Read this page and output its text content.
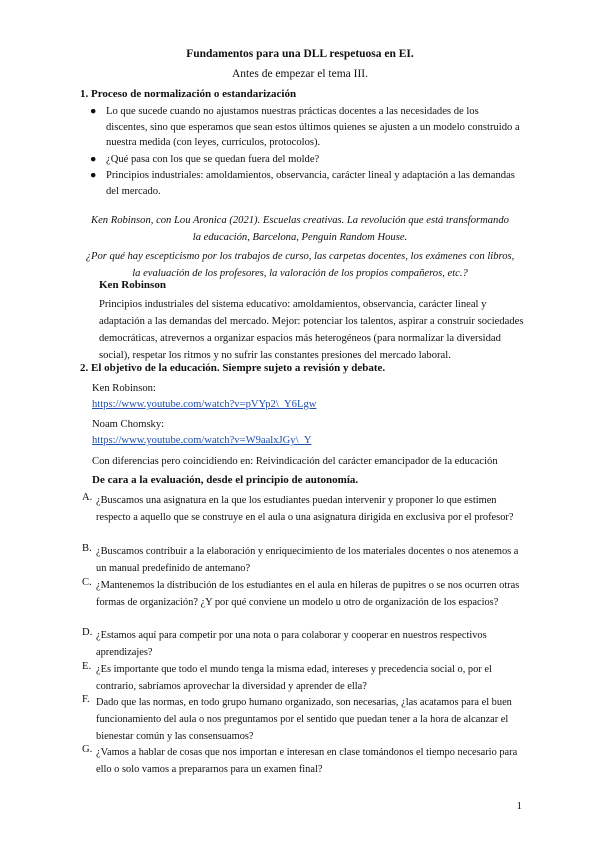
Fundamentos para una DLL respetuosa en EI.
Antes de empezar el tema III.
1. Proceso de normalización o estandarización
● Lo que sucede cuando no ajustamos nuestras prácticas docentes a las necesidades de los discentes, sino que esperamos que sean estos últimos quienes se ajusten a un modelo construido a nuestra medida (con leyes, currículos, protocolos).
● ¿Qué pasa con los que se quedan fuera del molde?
● Principios industriales: amoldamientos, observancia, carácter lineal y adaptación a las demandas del mercado.
Ken Robinson, con Lou Aronica (2021). Escuelas creativas. La revolución que está transformando
la educación, Barcelona, Penguin Random House.
¿Por qué hay escepticismo por los trabajos de curso, las carpetas docentes, los exámenes con libros,
la evaluación de los profesores, la valoración de los propios compañeros, etc.?
Ken Robinson
Principios industriales del sistema educativo: amoldamientos, observancia, carácter lineal y adaptación a las demandas del mercado. Mejor: potenciar los talentos, aspirar a construir sociedades democráticas, atrevernos a organizar espacios más heterogéneos (para normalizar la diversidad social), respetar los ritmos y no sufrir las constantes presiones del mercado laboral.
2. El objetivo de la educación. Siempre sujeto a revisión y debate.
Ken Robinson:
https://www.youtube.com/watch?v=pVYp2\_Y6Lgw
Noam Chomsky:
https://www.youtube.com/watch?v=W9aalxJGy\_Y
Con diferencias pero coincidiendo en: Reivindicación del carácter emancipador de la educación
De cara a la evaluación, desde el principio de autonomía.
A. ¿Buscamos una asignatura en la que los estudiantes puedan intervenir y proponer lo que estimen respecto a aquello que se construye en el aula o una asignatura dirigida en exclusiva por el profesor?
B. ¿Buscamos contribuir a la elaboración y enriquecimiento de los materiales docentes o nos atenemos a un manual predefinido de antemano?
C. ¿Mantenemos la distribución de los estudiantes en el aula en hileras de pupitres o se nos ocurren otras formas de organización? ¿Y por qué conviene un modelo u otro de organización de los espacios?
D. ¿Estamos aquí para competir por una nota o para colaborar y cooperar en nuestros respectivos aprendizajes?
E. ¿Es importante que todo el mundo tenga la misma edad, intereses y precedencia social o, por el contrario, sabríamos aprovechar la diversidad y aprender de ella?
F. Dado que las normas, en todo grupo humano organizado, son necesarias, ¿las acatamos para el buen funcionamiento del aula o nos preguntamos por el sentido que puedan tener a la hora de alcanzar el bienestar común y las consensuamos?
G. ¿Vamos a hablar de cosas que nos importan e interesan en clase tomándonos el tiempo necesario para ello o solo vamos a prepararnos para un examen final?
1
